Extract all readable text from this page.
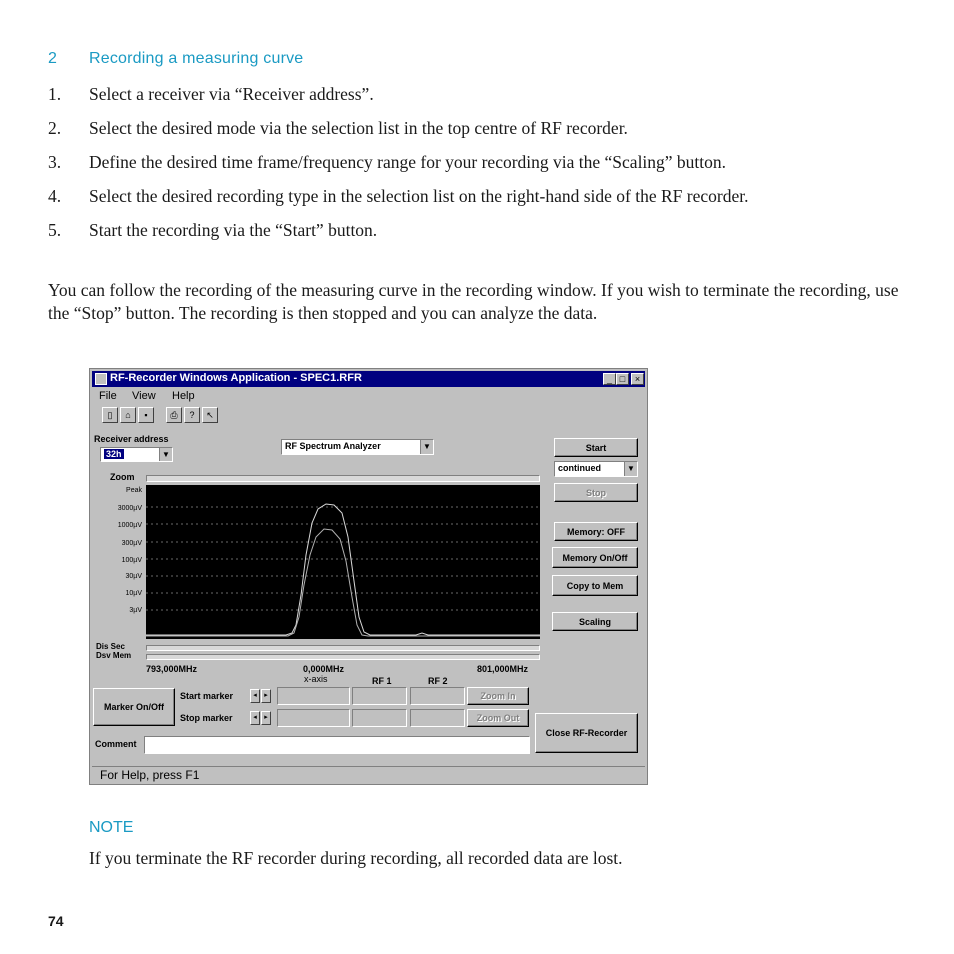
2 Recording a measuring curve
1. Select a receiver via “Receiver address”.
2. Select the desired mode via the selection list in the top centre of RF recorder.
3. Define the desired time frame/frequency range for your recording via the “Scaling” button.
4. Select the desired recording type in the selection list on the right-hand side of the RF recorder.
5. Start the recording via the “Start” button.
You can follow the recording of the measuring curve in the recording window. If you wish to terminate the recording, use the “Stop” button. The recording is then stopped and you can analyze the data.
RF-Recorder Windows Application - SPEC1.RFR	_ □	×
File View Help
▯	⌂	▪	⎙	?	↖
Receiver address
32h	▼
RF Spectrum Analyzer	▼
Zoom
Peak
3000µV
1000µV
300µV
100µV
30µV
10µV
3µV
Dis Sec
Dsv Mem
793,000MHz	0,000MHz	801,000MHz
x-axis	RF 1	RF 2
Marker On/Off
Start marker
Stop marker
◂	▸
◂	▸
Zoom In
Zoom Out
Comment
Start
continued	▼
Stop
Memory: OFF
Memory On/Off
Copy to Mem
Scaling
Close RF-Recorder
For Help, press F1
NOTE
If you terminate the RF recorder during recording, all recorded data are lost.
74
